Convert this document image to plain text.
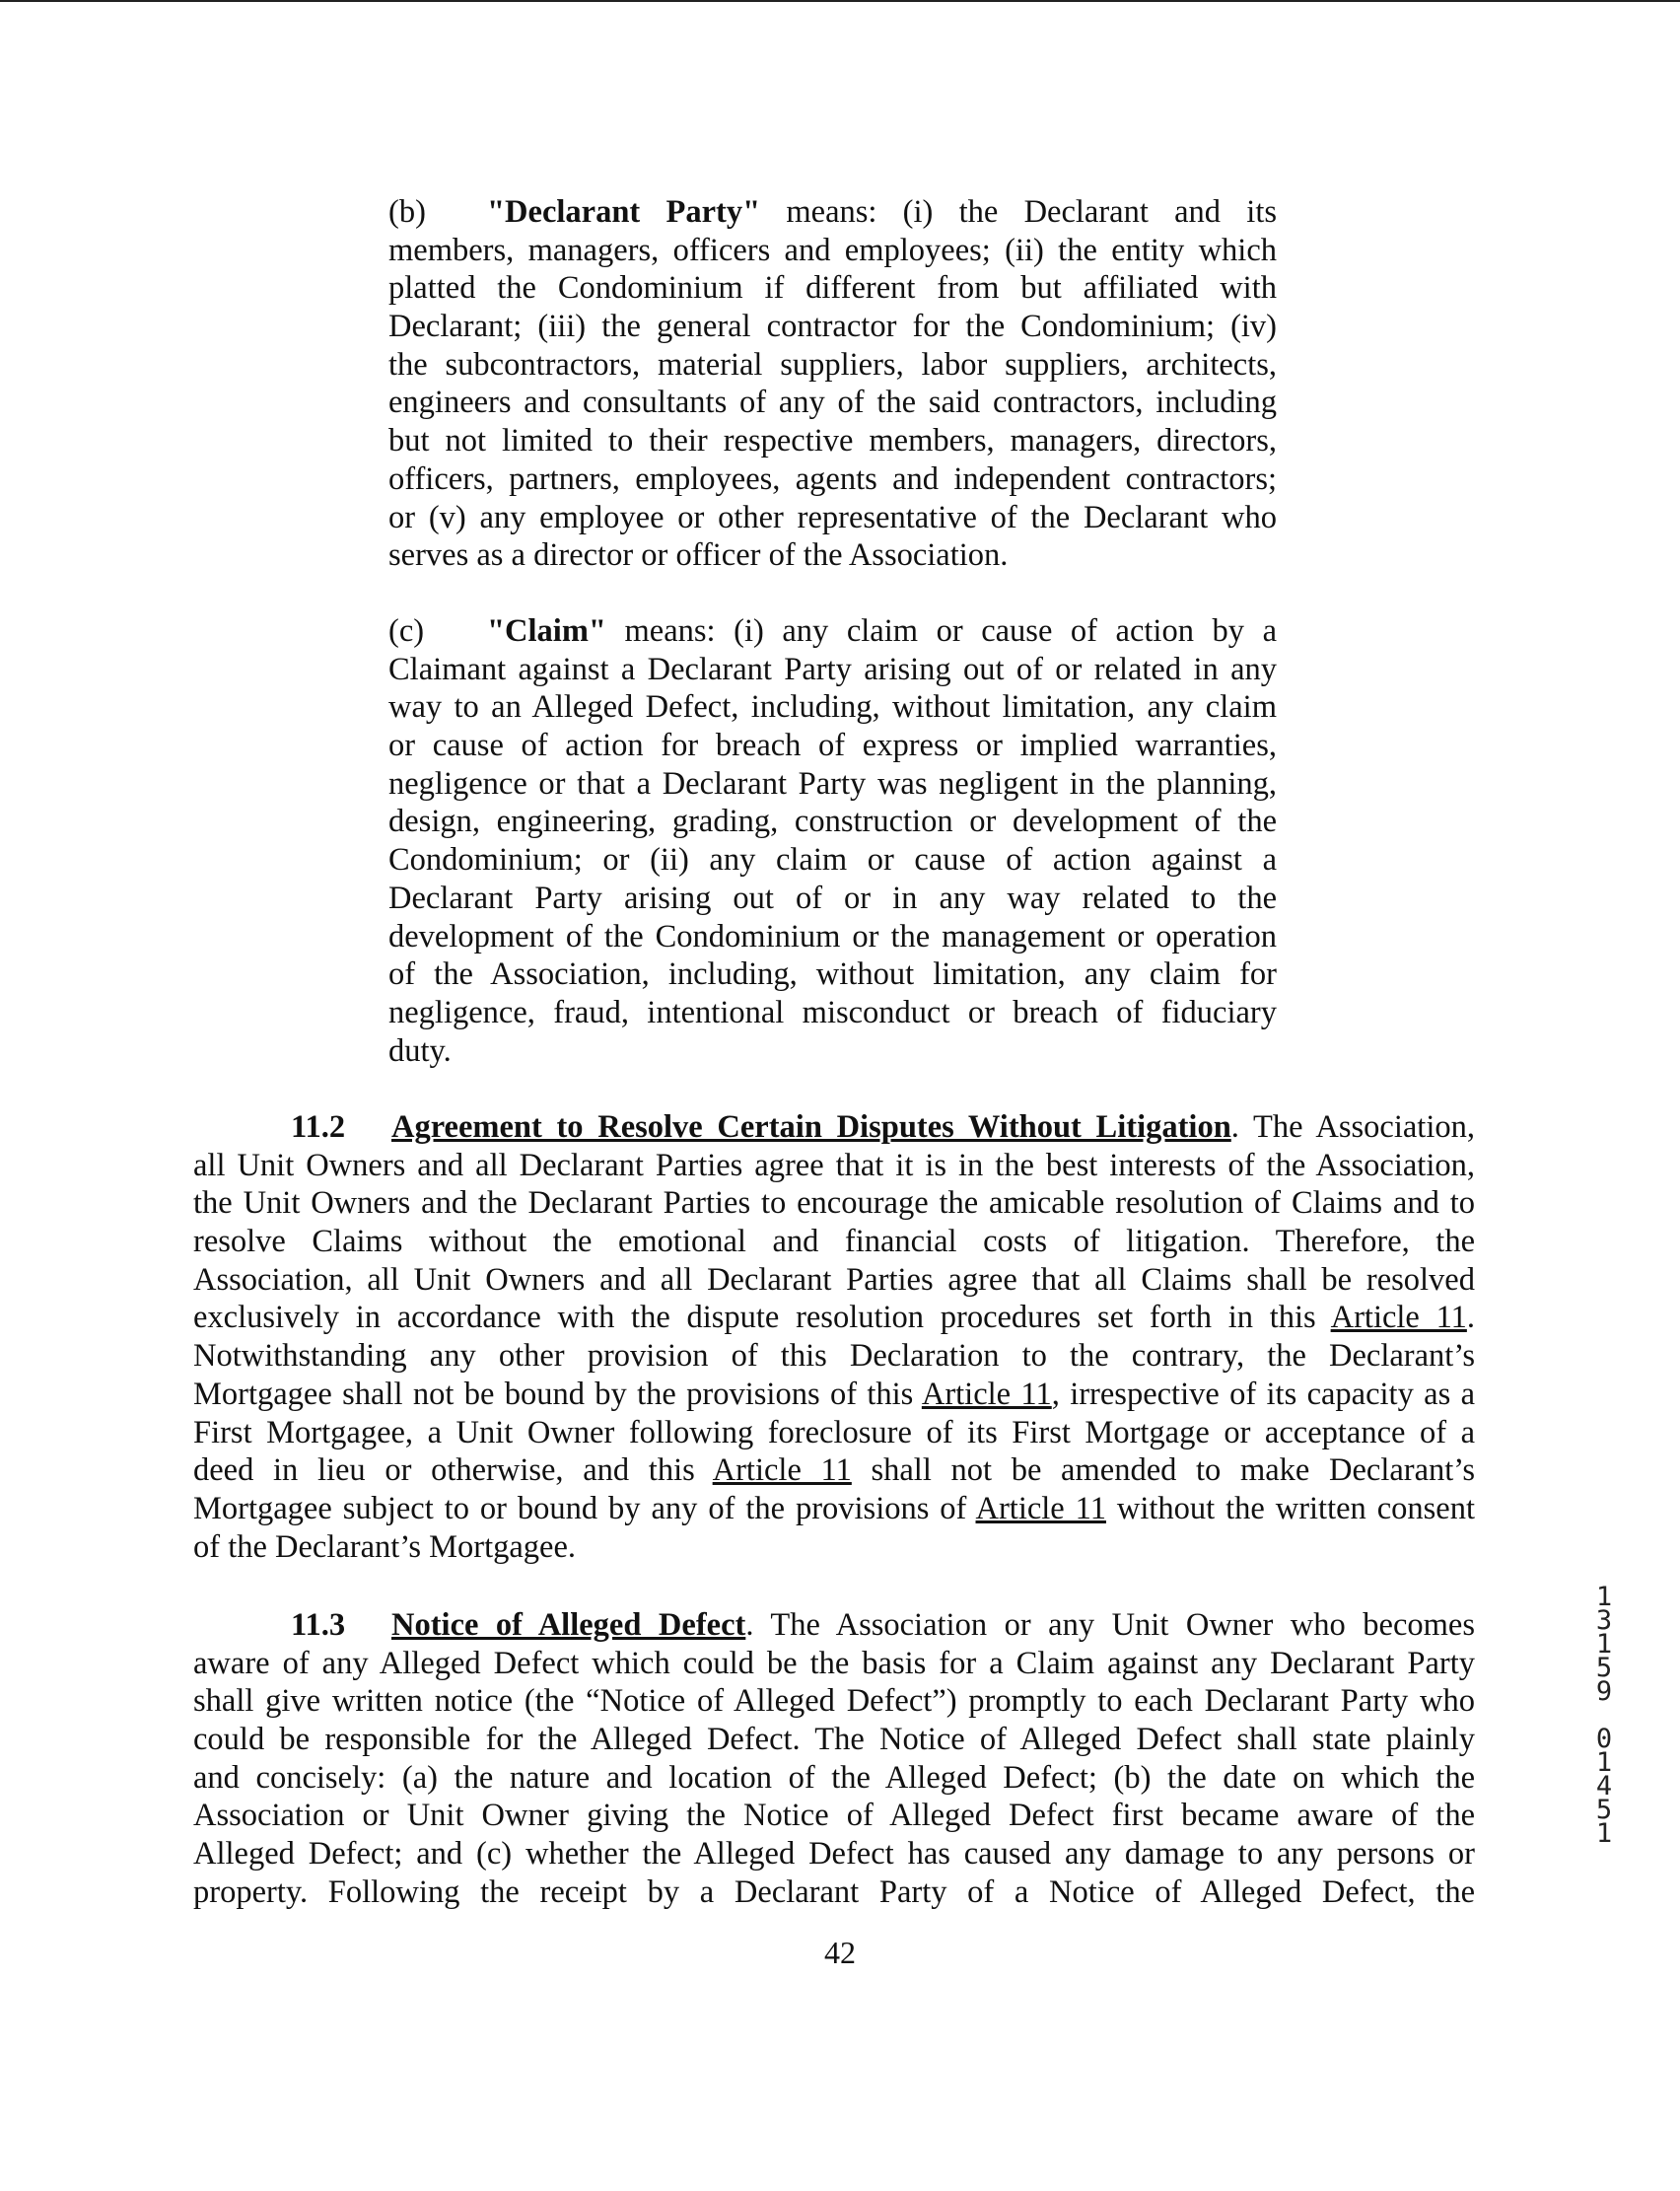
(b) "Declarant Party" means: (i) the Declarant and its
members, managers, officers and employees; (ii) the entity which
platted the Condominium if different from but affiliated with
Declarant; (iii) the general contractor for the Condominium; (iv)
the subcontractors, material suppliers, labor suppliers, architects,
engineers and consultants of any of the said contractors, including
but not limited to their respective members, managers, directors,
officers, partners, employees, agents and independent contractors;
or (v) any employee or other representative of the Declarant who
serves as a director or officer of the Association.
(c) "Claim" means: (i) any claim or cause of action by a
Claimant against a Declarant Party arising out of or related in any
way to an Alleged Defect, including, without limitation, any claim
or cause of action for breach of express or implied warranties,
negligence or that a Declarant Party was negligent in the planning,
design, engineering, grading, construction or development of the
Condominium; or (ii) any claim or cause of action against a
Declarant Party arising out of or in any way related to the
development of the Condominium or the management or operation
of the Association, including, without limitation, any claim for
negligence, fraud, intentional misconduct or breach of fiduciary
duty.
11.2 Agreement to Resolve Certain Disputes Without Litigation. The Association,
all Unit Owners and all Declarant Parties agree that it is in the best interests of the Association,
the Unit Owners and the Declarant Parties to encourage the amicable resolution of Claims and to
resolve Claims without the emotional and financial costs of litigation. Therefore, the
Association, all Unit Owners and all Declarant Parties agree that all Claims shall be resolved
exclusively in accordance with the dispute resolution procedures set forth in this Article 11.
Notwithstanding any other provision of this Declaration to the contrary, the Declarant’s
Mortgagee shall not be bound by the provisions of this Article 11, irrespective of its capacity as a
First Mortgagee, a Unit Owner following foreclosure of its First Mortgage or acceptance of a
deed in lieu or otherwise, and this Article 11 shall not be amended to make Declarant’s
Mortgagee subject to or bound by any of the provisions of Article 11 without the written consent
of the Declarant’s Mortgagee.
11.3 Notice of Alleged Defect. The Association or any Unit Owner who becomes
aware of any Alleged Defect which could be the basis for a Claim against any Declarant Party
shall give written notice (the “Notice of Alleged Defect”) promptly to each Declarant Party who
could be responsible for the Alleged Defect. The Notice of Alleged Defect shall state plainly
and concisely: (a) the nature and location of the Alleged Defect; (b) the date on which the
Association or Unit Owner giving the Notice of Alleged Defect first became aware of the
Alleged Defect; and (c) whether the Alleged Defect has caused any damage to any persons or
property. Following the receipt by a Declarant Party of a Notice of Alleged Defect, the
42
1
3
1
5
9
0
1
4
5
1
